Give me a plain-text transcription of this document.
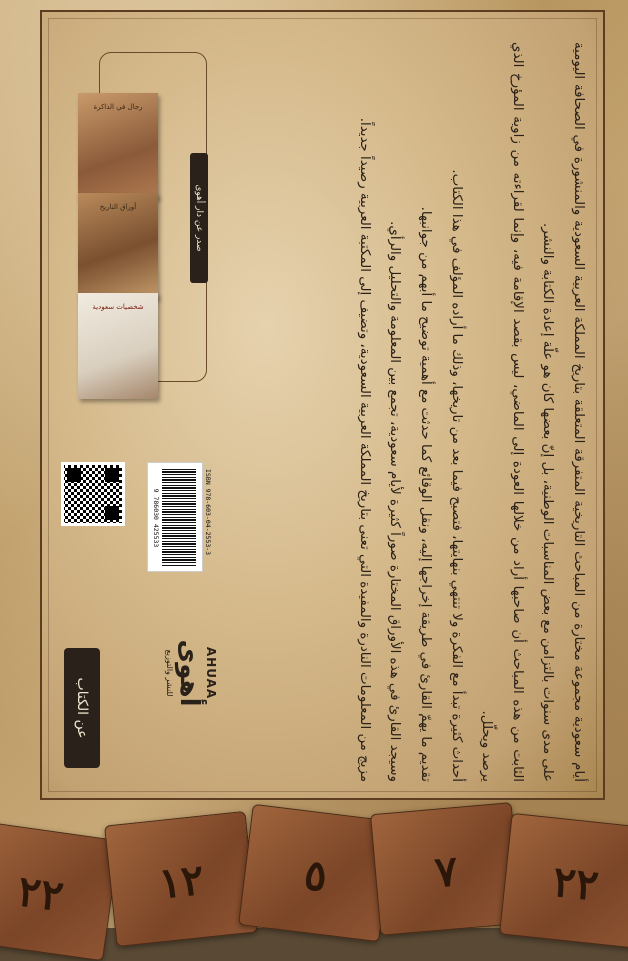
عن الكتاب	أيام سعودية مجموعة مختارة من المباحث التاريخية المتفرقة المتعلقة بتاريخ المملكة العربية السعودية والمنشورة في الصحافة اليومية على مدى سنوات بالتزامن مع بعض المناسبات الوطنية، بل إنّ بعضها كان هو علّة إعادة الكتابة والنشر.

الثابت من هذه المباحث أن صاحبها أراد من خلالها العودة إلى الماضي، ليس بقصد الإقامة فيه، وإنما لقراءته من زاوية المؤرخ الذي يرصد ويحلّل.

أحداث كثيرة تبدأ مع الفكرة ولا تنتهي بنهايتها، فتصبح فيما بعد من تاريخها، وذلك ما أراده المؤلف في هذا الكتاب.

تقديم ما يهمّ القارئ في طريقة إخراجها إليه، ونقل الوقائع كما حدثت مع أهمية توضيح ما أبهم من جوانبها.

وسيجد القارئ في هذه الأوراق المختارة صوراً كثيرة لأيام سعودية، تجمع بين المعلومة والتحليل والرأي.

مزيج من المعلومات النادرة والمفيدة التي تعنى بتاريخ المملكة العربية السعودية، وتضيف إلى المكتبة العربية رصيداً جديداً.

AHUAA
أهوى
للنشر والتوزيع
ISBN 978-603-04-2553-3
9 786030 425533
صدر عن دار أهوى
رجال في الذاكرة
أوراق التاريخ
شخصيات سعودية
٢٢	١٢	٥	٧	٢٢
